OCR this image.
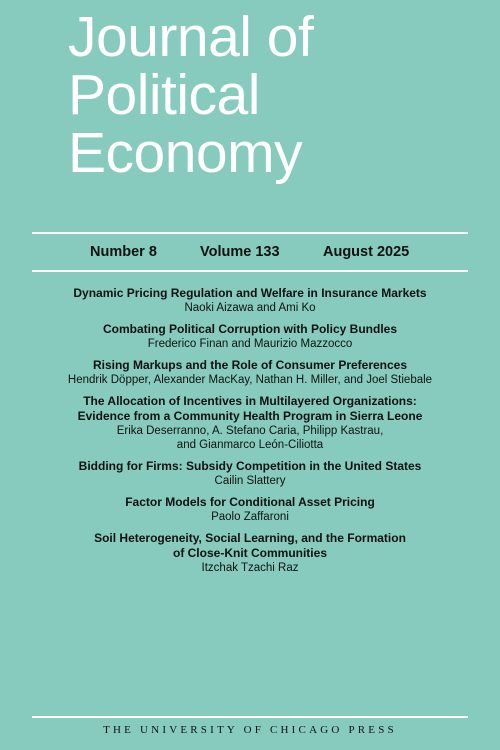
Journal of
Political
Economy
Number 8	Volume 133	August 2025
Dynamic Pricing Regulation and Welfare in Insurance Markets
Naoki Aizawa and Ami Ko
Combating Political Corruption with Policy Bundles
Frederico Finan and Maurizio Mazzocco
Rising Markups and the Role of Consumer Preferences
Hendrik Döpper, Alexander MacKay, Nathan H. Miller, and Joel Stiebale
The Allocation of Incentives in Multilayered Organizations:
Evidence from a Community Health Program in Sierra Leone
Erika Deserranno, A. Stefano Caria, Philipp Kastrau,
and Gianmarco León-Ciliotta
Bidding for Firms: Subsidy Competition in the United States
Cailin Slattery
Factor Models for Conditional Asset Pricing
Paolo Zaffaroni
Soil Heterogeneity, Social Learning, and the Formation
of Close-Knit Communities
Itzchak Tzachi Raz
THE UNIVERSITY OF CHICAGO PRESS
